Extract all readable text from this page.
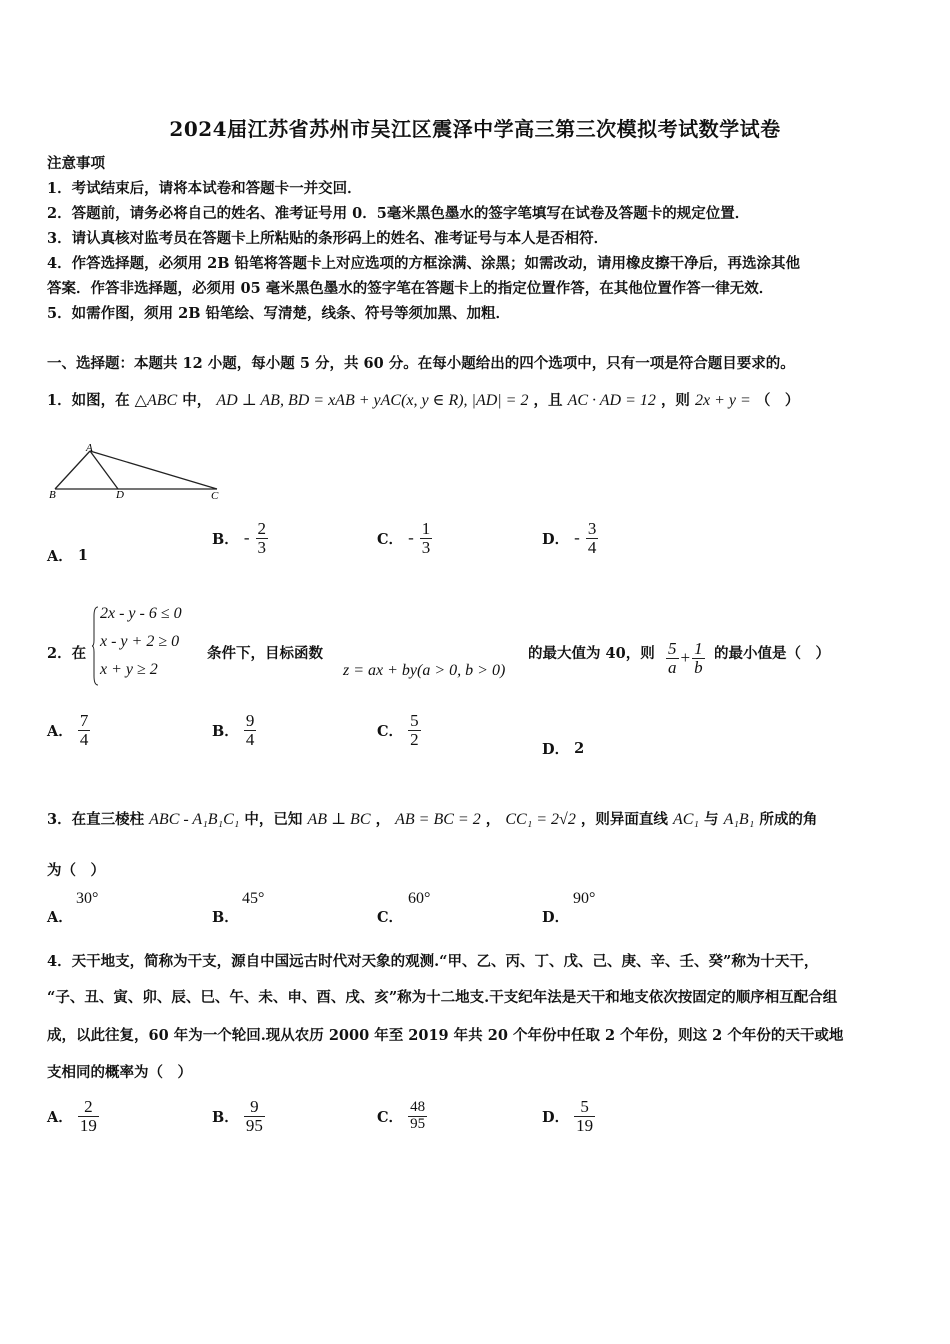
2024届江苏省苏州市吴江区震泽中学高三第三次模拟考试数学试卷
注意事项
1．考试结束后，请将本试卷和答题卡一并交回．
2．答题前，请务必将自己的姓名、准考证号用 0．5毫米黑色墨水的签字笔填写在试卷及答题卡的规定位置．
3．请认真核对监考员在答题卡上所粘贴的条形码上的姓名、准考证号与本人是否相符．
4．作答选择题，必须用 2B 铅笔将答题卡上对应选项的方框涂满、涂黑；如需改动，请用橡皮擦干净后，再选涂其他
答案．作答非选择题，必须用 05 毫米黑色墨水的签字笔在答题卡上的指定位置作答，在其他位置作答一律无效．
5．如需作图，须用 2B 铅笔绘、写清楚，线条、符号等须加黑、加粗．
一、选择题：本题共 12 小题，每小题 5 分，共 60 分。在每小题给出的四个选项中，只有一项是符合题目要求的。
1．如图，在 △ABC 中， AD ⊥ AB, BD = xAB + yAC(x, y ∈ R), |AD| = 2 ，且 AC · AD = 12 ，则 2x + y = （　）
A
B	D	C
A． 1
B． - $\frac{2}{3}$	C． - $\frac{1}{3}$	D． - $\frac{3}{4}$
2．在
2x - y - 6 ≤ 0
x - y + 2 ≥ 0
x + y ≥ 2
条件下，目标函数
z = ax + by(a > 0, b > 0)
的最大值为 40，则 $\frac{5}{a} + \frac{1}{b}$ 的最小值是（　）
A． $\frac{7}{4}$	B． $\frac{9}{4}$	C． $\frac{5}{2}$
D． 2
3．在直三棱柱 ABC - A₁B₁C₁ 中，已知 AB ⊥ BC ， AB = BC = 2 ， CC₁ = 2√2 ，则异面直线 AC₁ 与 A₁B₁ 所成的角
为（　）
A．
30°
B．
45°
C．
60°
D．
90°
4．天干地支，简称为干支，源自中国远古时代对天象的观测.“甲、乙、丙、丁、戊、己、庚、辛、壬、癸”称为十天干，
“子、丑、寅、卯、辰、巳、午、未、申、酉、戌、亥”称为十二地支.干支纪年法是天干和地支依次按固定的顺序相互配合组
成，以此往复，60 年为一个轮回.现从农历 2000 年至 2019 年共 20 个年份中任取 2 个年份，则这 2 个年份的天干或地
支相同的概率为（　）
A． $\frac{2}{19}$	B． $\frac{9}{95}$	C． $\frac{48}{95}$	D． $\frac{5}{19}$
